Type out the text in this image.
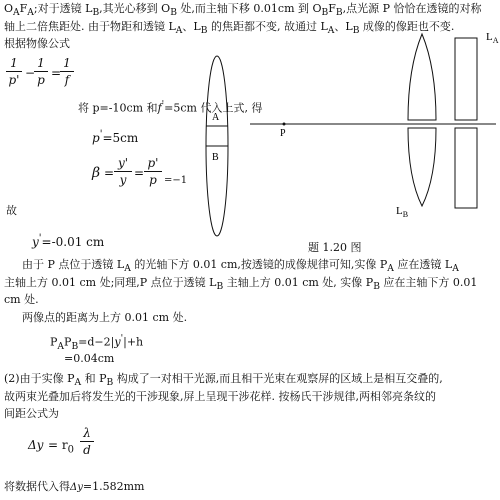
$O_AF_A$;对于透镜 $L_B$,其光心移到 $O_B$ 处,而主轴下移 0.01cm 到 $O_BF_B$,点光源 P 恰恰在透镜的对称
轴上二倍焦距处. 由于物距和透镜 $L_A$、$L_B$ 的焦距都不变, 故通过 $L_A$、$L_B$ 成像的像距也不变.
根据物像公式
1
p' −
1
p =
1
f
将 p=-10cm 和f'=5cm 代入上式, 得
p'=5cm
β =
y'
y =
p'
p =−1
故
y'=-0.01 cm
A
B
P
$L_A$
$L_B$
题 1.20 图
由于 P 点位于透镜 $L_A$ 的光轴下方 0.01 cm,按透镜的成像规律可知,实像 $P_A$ 应在透镜 $L_A$
主轴上方 0.01 cm 处;同理,P 点位于透镜 $L_B$ 主轴上方 0.01 cm 处, 实像 $P_B$ 应在主轴下方 0.01
cm 处.
两像点的距离为上方 0.01 cm 处.
$P_AP_B=d-2|y'|+h$
=0.04cm
(2)由于实像 $P_A$ 和 $P_B$ 构成了一对相干光源,而且相干光束在观察屏的区域上是相互交叠的,
故两束光叠加后将发生光的干涉现象,屏上呈现干涉花样. 按杨氏干涉规律,两相邻亮条纹的
间距公式为
$\Delta y = r_0$
λ
d
将数据代入得Δy=1.582mm
